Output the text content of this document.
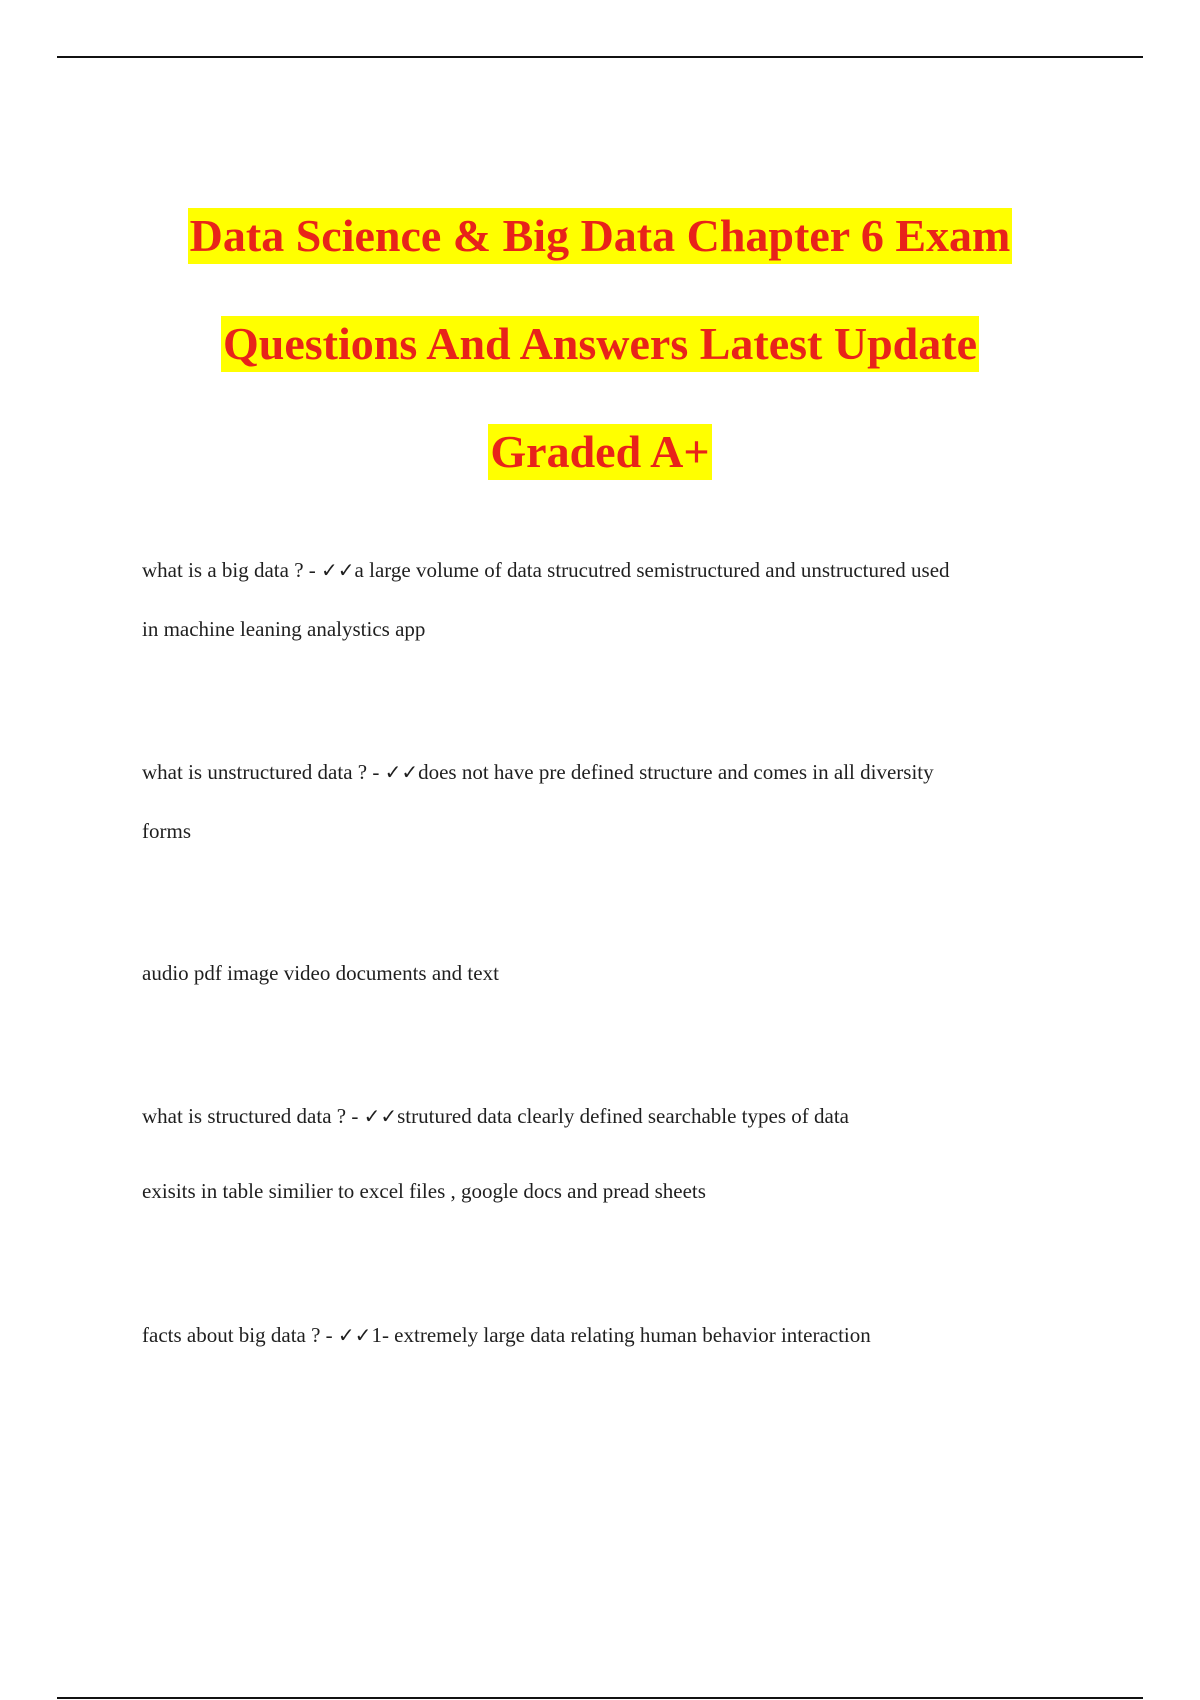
Data Science & Big Data Chapter 6 Exam
Questions And Answers Latest Update
Graded A+
what is a big data ? - ✓✓a large volume of data strucutred semistructured and unstructured used
in machine leaning analystics app
what is unstructured data ? - ✓✓does not have pre defined structure and comes in all diversity
forms
audio pdf image video documents and text
what is structured data ? - ✓✓strutured data clearly defined searchable types of data
exisits in table similier to excel files , google docs and pread sheets
facts about big data ? - ✓✓1- extremely large data relating human behavior interaction
